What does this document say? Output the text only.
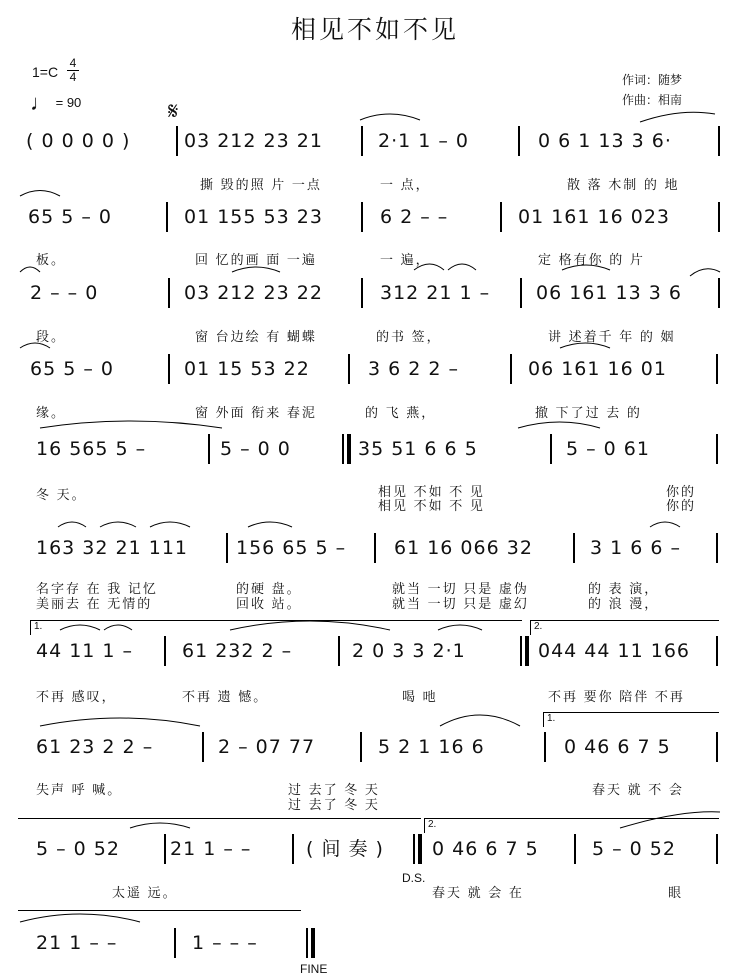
相见不如不见
1=C
4
4
♩ = 90
作词：随梦
作曲：相南
𝄋
( 0 0 0 0 )	03 212 23 21	2·1 1 – 0	0 6 1 13 3 6·
撕 毁的照 片 一点	一 点，	散 落 木制 的 地
65 5 – 0	01 155 53 23	6 2 – –	01 161 16 023
板。	回 忆的画 面 一遍	一 遍，	定 格有你 的 片
2 – – 0	03 212 23 22	312 21 1 – 06 161 13 3 6
段。	窗 台边绘 有 蝴蝶	的书 签，	讲 述着千 年 的 姻
65 5 – 0	01 15 53 22	3 6 2 2 –	06 161 16 01
缘。	窗 外面 衔来 春泥	的 飞 燕，	撤 下了过 去 的
16 565 5 –	5 – 0 0	35 51 6 6 5	5 – 0 61
冬 天。	相见 不如 不 见
相见 不如 不 见
你的
你的
163 32 21 111	156 65 5 –	61 16 066 32	3 1 6 6 –
名字存 在 我 记忆	的硬 盘。	就当 一切 只是 虚伪	的 表 演，
美丽去 在 无情的	回收 站。	就当 一切 只是 虚幻	的 浪 漫，
1.	2.
44 11 1 –	61 232 2 –	2 0 3 3 2·1	044 44 11 166
不再 感叹，	不再 遗 憾。	喝 吔	不再 要你 陪伴 不再
1.
61 23 2 2 –	2 – 07 77	5 2 1 16 6	0 46 6 7 5
失声 呼 喊。	过 去了 冬 天
过 去了 冬 天
春天 就 不 会
2.
5 – 0 52	21 1 – –	( 间 奏 )	0 46 6 7 5	5 – 0 52
D.S.
太遥 远。	春天 就 会 在	眼
21 1 – –	1 – – –
FINE
